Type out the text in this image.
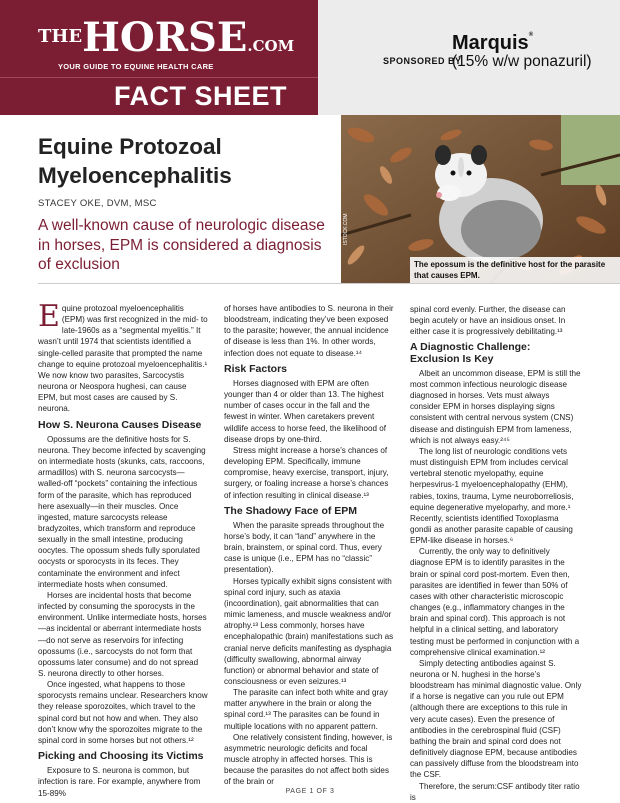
THEHORSE.COM
YOUR GUIDE TO EQUINE HEALTH CARE
FACT SHEET
Marquis®
SPONSORED BY
(15% w/w ponazuril)
ISTOCK.COM
The epossum is the definitive host for the parasite that causes EPM.
Equine Protozoal Myeloencephalitis
STACEY OKE, DVM, MSC
A well-known cause of neurologic disease in horses, EPM is considered a diagnosis of exclusion

Equine protozoal myeloencephalitis (EPM) was first recognized in the mid- to late-1960s as a “segmental myelitis.” It wasn’t until 1974 that scientists identified a single-celled parasite that prompted the name change to equine protozoal myeloencephalitis.¹ We now know two parasites, Sarcocystis neurona or Neospora hughesi, can cause EPM, but most cases are caused by S. neurona.

How S. Neurona Causes Disease

Opossums are the definitive hosts for S. neurona. They become infected by scavenging on intermediate hosts (skunks, cats, raccoons, armadillos) with S. neurona sarcocysts—walled-off “pockets” containing the infectious form of the parasite, which has reproduced here asexually—in their muscles. Once ingested, mature sarcocysts release bradyzoites, which transform and reproduce sexually in the small intestine, producing oocytes. The opossum sheds fully sporulated oocysts or sporocysts in its feces. They contaminate the environment and infect intermediate hosts when consumed.

Horses are incidental hosts that become infected by consuming the sporocysts in the environment. Unlike intermediate hosts, horses—as incidental or aberrant intermediate hosts—do not serve as reservoirs for infecting opossums (i.e., sarcocysts do not form that opossums later consume) and do not spread S. neurona directly to other horses.

Once ingested, what happens to those sporocysts remains unclear. Researchers know they release sporozoites, which travel to the spinal cord but not how and when. They also don’t know why the sporozoites migrate to the spinal cord in some horses but not others.¹²

Picking and Choosing its Victims

Exposure to S. neurona is common, but infection is rare. For example, anywhere from 15-89%

of horses have antibodies to S. neurona in their bloodstream, indicating they’ve been exposed to the parasite; however, the annual incidence of disease is less than 1%. In other words, infection does not equate to disease.¹⁴

Risk Factors

Horses diagnosed with EPM are often younger than 4 or older than 13. The highest number of cases occur in the fall and the fewest in winter. When caretakers prevent wildlife access to horse feed, the likelihood of disease drops by one-third.

Stress might increase a horse’s chances of developing EPM. Specifically, immune compromise, heavy exercise, transport, injury, surgery, or foaling increase a horse’s chances of infection resulting in clinical disease.¹³

The Shadowy Face of EPM

When the parasite spreads throughout the horse’s body, it can “land” anywhere in the brain, brainstem, or spinal cord. Thus, every case is unique (i.e., EPM has no “classic” presentation).

Horses typically exhibit signs consistent with spinal cord injury, such as ataxia (incoordination), gait abnormalities that can mimic lameness, and muscle weakness and/or atrophy.¹³ Less commonly, horses have encephalopathic (brain) manifestations such as cranial nerve deficits manifesting as dysphagia (difficulty swallowing, abnormal airway function) or abnormal behavior and state of consciousness or even seizures.¹³

The parasite can infect both white and gray matter anywhere in the brain or along the spinal cord.¹³ The parasites can be found in multiple locations with no apparent pattern.

One relatively consistent finding, however, is asymmetric neurologic deficits and focal muscle atrophy in affected horses. This is because the parasites do not affect both sides of the brain or

spinal cord evenly. Further, the disease can begin acutely or have an insidious onset. In either case it is progressively debilitating.¹³

A Diagnostic Challenge: Exclusion Is Key

Albeit an uncommon disease, EPM is still the most common infectious neurologic disease diagnosed in horses. Vets must always consider EPM in horses displaying signs consistent with central nervous system (CNS) disease and distinguish EPM from lameness, which is not always easy.²⁴⁵

The long list of neurologic conditions vets must distinguish EPM from includes cervical vertebral stenotic myelopathy, equine herpesvirus-1 myeloencephalopathy (EHM), rabies, toxins, trauma, Lyme neuroborreliosis, equine degenerative myeloparhy, and more.¹ Recently, scientists identified Toxoplasma gondii as another parasite capable of causing EPM-like disease in horses.⁶

Currently, the only way to definitively diagnose EPM is to identify parasites in the brain or spinal cord post-mortem. Even then, parasites are identified in fewer than 50% of cases with other characteristic microscopic changes (e.g., inflammatory changes in the brain and spinal cord). This approach is not helpful in a clinical setting, and laboratory testing must be performed in conjunction with a comprehensive clinical examination.¹²

Simply detecting antibodies against S. neurona or N. hughesi in the horse’s bloodstream has minimal diagnostic value. Only if a horse is negative can you rule out EPM (although there are exceptions to this rule in very acute cases). Even the presence of antibodies in the cerebrospinal fluid (CSF) bathing the brain and spinal cord does not definitively diagnose EPM, because antibodies can passively diffuse from the bloodstream into the CSF.

Therefore, the serum:CSF antibody titer ratio is

PAGE 1 OF 3
